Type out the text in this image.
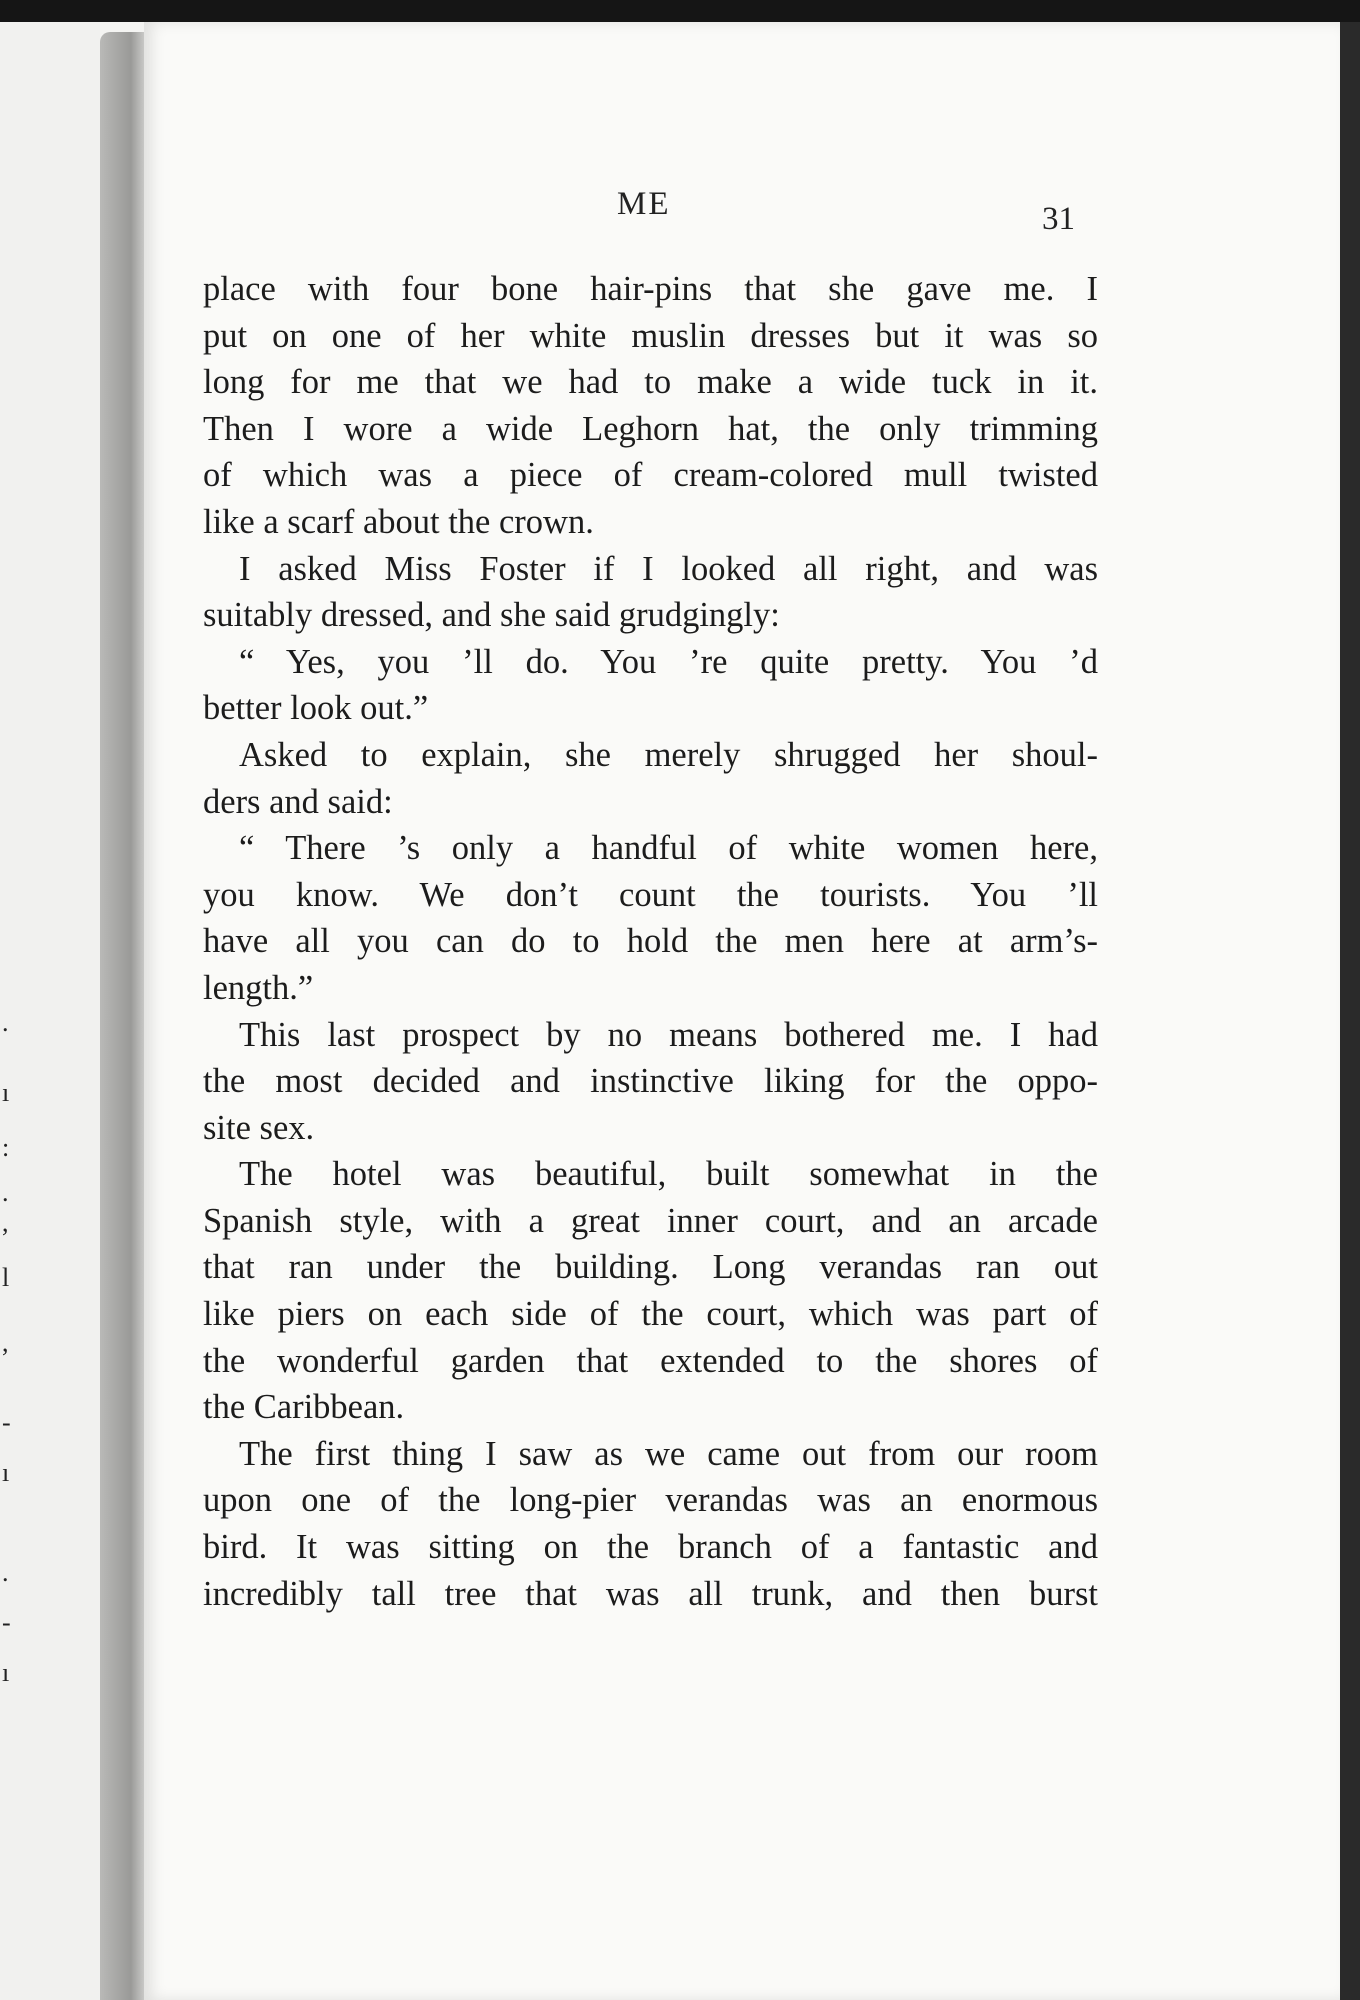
.
ı
:
.
,
l
,
-
ı
.
-
ı
ME	31
place with four bone hair-pins that she gave me. I
put on one of her white muslin dresses but it was so
long for me that we had to make a wide tuck in it.
Then I wore a wide Leghorn hat, the only trimming
of which was a piece of cream-colored mull twisted
like a scarf about the crown.
I asked Miss Foster if I looked all right, and was
suitably dressed, and she said grudgingly:
“ Yes, you ’ll do. You ’re quite pretty. You ’d
better look out.”
Asked to explain, she merely shrugged her shoul-
ders and said:
“ There ’s only a handful of white women here,
you know. We don’t count the tourists. You ’ll
have all you can do to hold the men here at arm’s-
length.”
This last prospect by no means bothered me. I had
the most decided and instinctive liking for the oppo-
site sex.
The hotel was beautiful, built somewhat in the
Spanish style, with a great inner court, and an arcade
that ran under the building. Long verandas ran out
like piers on each side of the court, which was part of
the wonderful garden that extended to the shores of
the Caribbean.
The first thing I saw as we came out from our room
upon one of the long-pier verandas was an enormous
bird. It was sitting on the branch of a fantastic and
incredibly tall tree that was all trunk, and then burst
